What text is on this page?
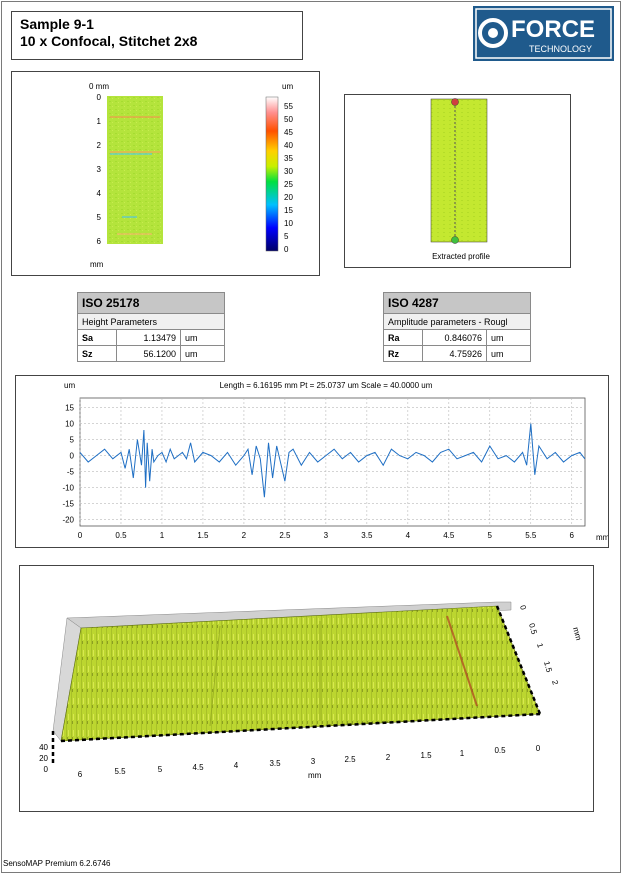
Sample 9-1
10 x Confocal, Stitchet 2x8	FORCE
TECHNOLOGY
0 mm
0
1
2
3
4
5
6
mm
um
55
50
45
40
35
30
25
20
15
10
5
0
Extracted profile
ISO 25178		
Height Parameters		
Sa	1.13479	um
Sz	56.1200	um
ISO 4287		
Amplitude parameters - Rougl		
Ra	0.846076	um
Rz	4.75926	um
um	Length = 6.16195 mm Pt = 25.0737 um Scale = 40.0000 um
mm
15
10
5
0
-5
-10
-15
-20
0	0.5	1	1.5	2	2.5	3	3.5	4	4.5	5	5.5	6
40
20
0
6	5.5	5	4.5	4	3.5	3	2.5	2	1.5	1	0.5	0
mm
0
0.5
1
1.5
2
mm
SensoMAP Premium 6.2.6746
